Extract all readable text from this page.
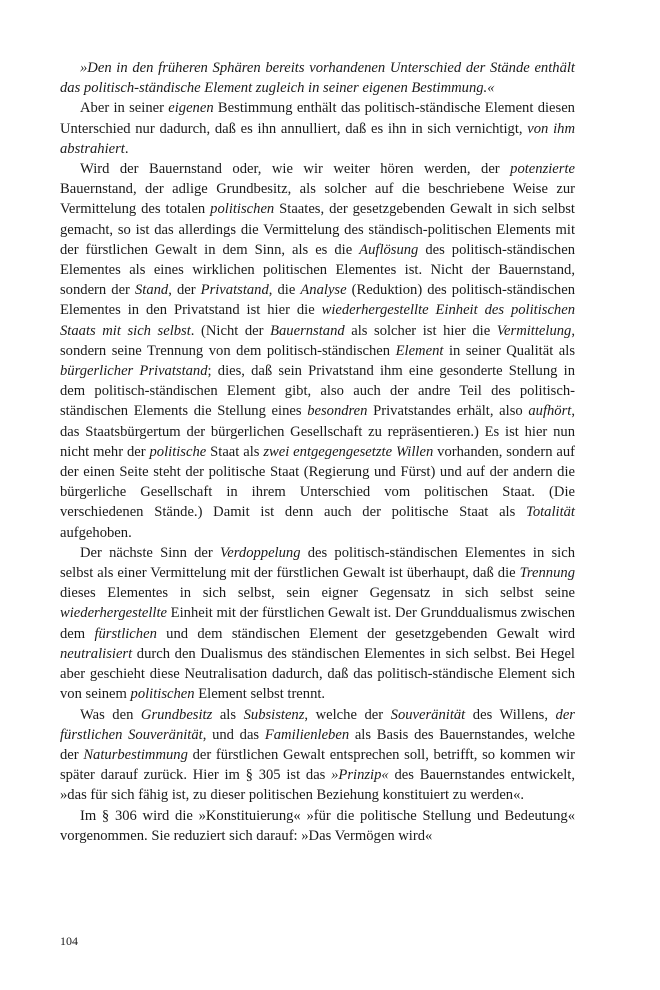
»Den in den früheren Sphären bereits vorhandenen Unterschied der Stände enthält das politisch-ständische Element zugleich in seiner eigenen Bestimmung.«

Aber in seiner eigenen Bestimmung enthält das politisch-ständische Element diesen Unterschied nur dadurch, daß es ihn annulliert, daß es ihn in sich vernichtigt, von ihm abstrahiert.

Wird der Bauernstand oder, wie wir weiter hören werden, der potenzierte Bauernstand, der adlige Grundbesitz, als solcher auf die beschriebene Weise zur Vermittelung des totalen politischen Staates, der gesetzgebenden Gewalt in sich selbst gemacht, so ist das allerdings die Vermittelung des ständisch-politischen Elements mit der fürstlichen Gewalt in dem Sinn, als es die Auflösung des politisch-ständischen Elementes als eines wirklichen politischen Elementes ist. Nicht der Bauernstand, sondern der Stand, der Privatstand, die Analyse (Reduktion) des politisch-ständischen Elementes in den Privatstand ist hier die wiederhergestellte Einheit des politischen Staats mit sich selbst. (Nicht der Bauernstand als solcher ist hier die Vermittelung, sondern seine Trennung von dem politisch-ständischen Element in seiner Qualität als bürgerlicher Privatstand; dies, daß sein Privatstand ihm eine gesonderte Stellung in dem politisch-ständischen Element gibt, also auch der andre Teil des politisch-ständischen Elements die Stellung eines besondren Privatstandes erhält, also aufhört, das Staatsbürgertum der bürgerlichen Gesellschaft zu repräsentieren.) Es ist hier nun nicht mehr der politische Staat als zwei entgegengesetzte Willen vorhanden, sondern auf der einen Seite steht der politische Staat (Regierung und Fürst) und auf der andern die bürgerliche Gesellschaft in ihrem Unterschied vom politischen Staat. (Die verschiedenen Stände.) Damit ist denn auch der politische Staat als Totalität aufgehoben.

Der nächste Sinn der Verdoppelung des politisch-ständischen Elementes in sich selbst als einer Vermittelung mit der fürstlichen Gewalt ist überhaupt, daß die Trennung dieses Elementes in sich selbst, sein eigner Gegensatz in sich selbst seine wiederhergestellte Einheit mit der fürstlichen Gewalt ist. Der Grunddualismus zwischen dem fürstlichen und dem ständischen Element der gesetzgebenden Gewalt wird neutralisiert durch den Dualismus des ständischen Elementes in sich selbst. Bei Hegel aber geschieht diese Neutralisation dadurch, daß das politisch-ständische Element sich von seinem politischen Element selbst trennt.

Was den Grundbesitz als Subsistenz, welche der Souveränität des Willens, der fürstlichen Souveränität, und das Familienleben als Basis des Bauernstandes, welche der Naturbestimmung der fürstlichen Gewalt entsprechen soll, betrifft, so kommen wir später darauf zurück. Hier im § 305 ist das »Prinzip« des Bauernstandes entwickelt, »das für sich fähig ist, zu dieser politischen Beziehung konstituiert zu werden«.

Im § 306 wird die »Konstituierung« »für die politische Stellung und Bedeutung« vorgenommen. Sie reduziert sich darauf: »Das Vermögen wird«

104
